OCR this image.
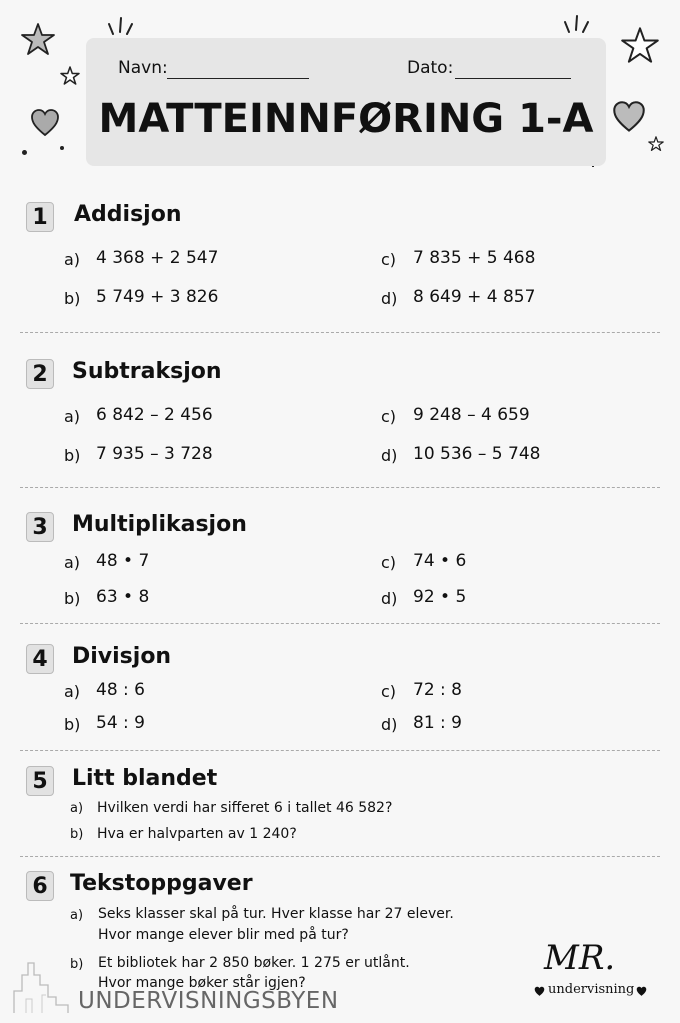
Navn:	Dato:
MATTEINNFØRING 1-A
1 Addisjon
a) 4 368 + 2 547
b) 5 749 + 3 826
c) 7 835 + 5 468
d) 8 649 + 4 857
2 Subtraksjon
a) 6 842 – 2 456
b) 7 935 – 3 728
c) 9 248 – 4 659
d) 10 536 – 5 748
3 Multiplikasjon
a) 48 • 7
b) 63 • 8
c) 74 • 6
d) 92 • 5
4 Divisjon
a) 48 : 6
b) 54 : 9
c) 72 : 8
d) 81 : 9
5 Litt blandet
a) Hvilken verdi har sifferet 6 i tallet 46 582?
b) Hva er halvparten av 1 240?
6 Tekstoppgaver
a) Seks klasser skal på tur. Hver klasse har 27 elever.
Hvor mange elever blir med på tur?
b) Et bibliotek har 2 850 bøker. 1 275 er utlånt.
Hvor mange bøker står igjen?
UNDERVISNINGSBYEN
MR.
undervisning
